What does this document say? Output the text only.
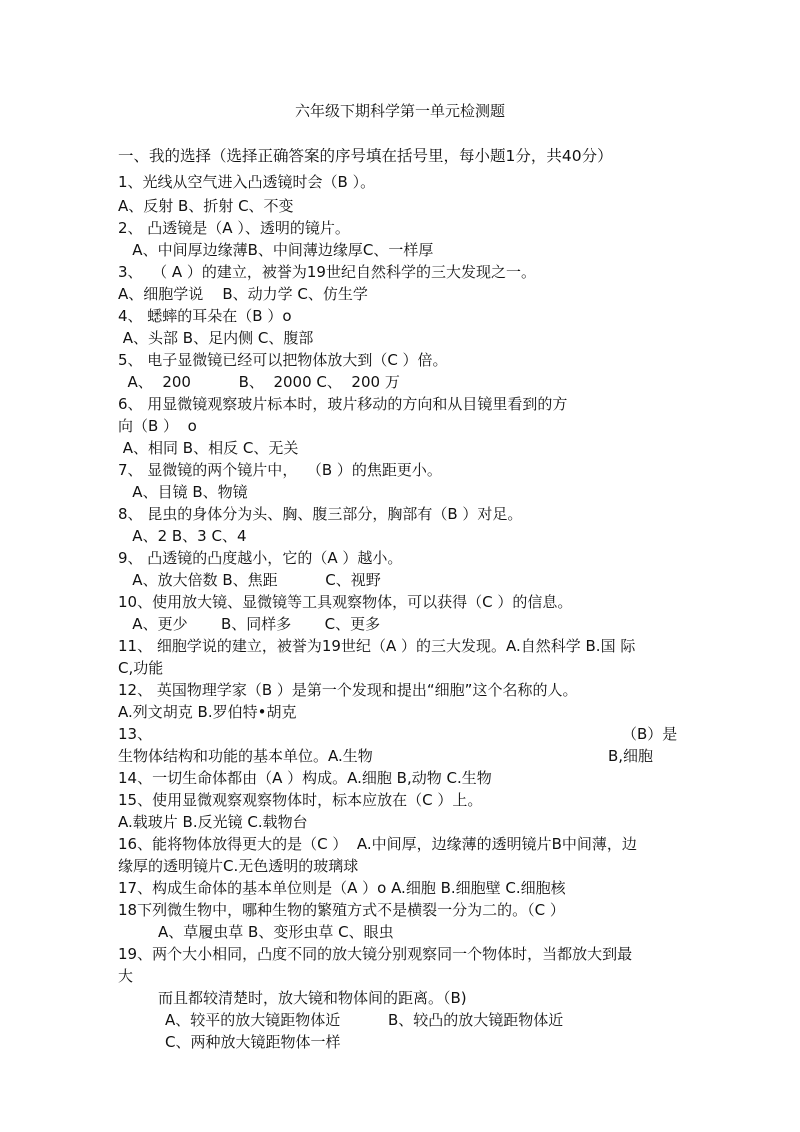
六年级下期科学第一单元检测题
一、我的选择（选择正确答案的序号填在括号里，每小题1分，共40分）
1、光线从空气进入凸透镜时会（B ）。
A、反射 B、折射 C、不变
2、 凸透镜是（A ）、透明的镜片。
A、中间厚边缘薄B、中间薄边缘厚C、一样厚
3、  （ A ）的建立，被誉为19世纪自然科学的三大发现之一。
A、细胞学说    B、动力学 C、仿生学
4、 蟋蟀的耳朵在（B ）o
A、头部 B、足内侧 C、腹部
5、 电子显微镜已经可以把物体放大到（C ）倍。
A、  200          B、  2000 C、  200 万
6、 用显微镜观察玻片标本时，玻片移动的方向和从目镜里看到的方
向（B ）  o
A、相同 B、相反 C、无关
7、 显微镜的两个镜片中，  （B ）的焦距更小。
A、目镜 B、物镜
8、 昆虫的身体分为头、胸、腹三部分，胸部有（B ）对足。
A、2 B、3 C、4
9、 凸透镜的凸度越小，它的（A ）越小。
A、放大倍数 B、焦距          C、视野
10、使用放大镜、显微镜等工具观察物体，可以获得（C ）的信息。
A、更少       B、同样多       C、更多
11、 细胞学说的建立，被誉为19世纪（A ）的三大发现。A.自然科学 B.国 际
C,功能
12、 英国物理学家（B ）是第一个发现和提出“细胞”这个名称的人。
A.列文胡克 B.罗伯特•胡克
13、	（B）是
生物体结构和功能的基本单位。A.生物	B,细胞
14、一切生命体都由（A ）构成。A.细胞 B,动物 C.生物
15、使用显微观察观察物体时，标本应放在（C ）上。
A.载玻片 B.反光镜 C.载物台
16、能将物体放得更大的是（C ）  A.中间厚，边缘薄的透明镜片B中间薄，边
缘厚的透明镜片C.无色透明的玻璃球
17、构成生命体的基本单位则是（A ）o A.细胞 B.细胞壁 C.细胞核
18下列微生物中，哪种生物的繁殖方式不是横裂一分为二的。（C ）
A、草履虫草 B、变形虫草 C、眼虫
19、两个大小相同，凸度不同的放大镜分别观察同一个物体时，当都放大到最
大
而且都较清楚时，放大镜和物体间的距离。（B)
A、较平的放大镜距物体近          B、较凸的放大镜距物体近
C、两种放大镜距物体一样
